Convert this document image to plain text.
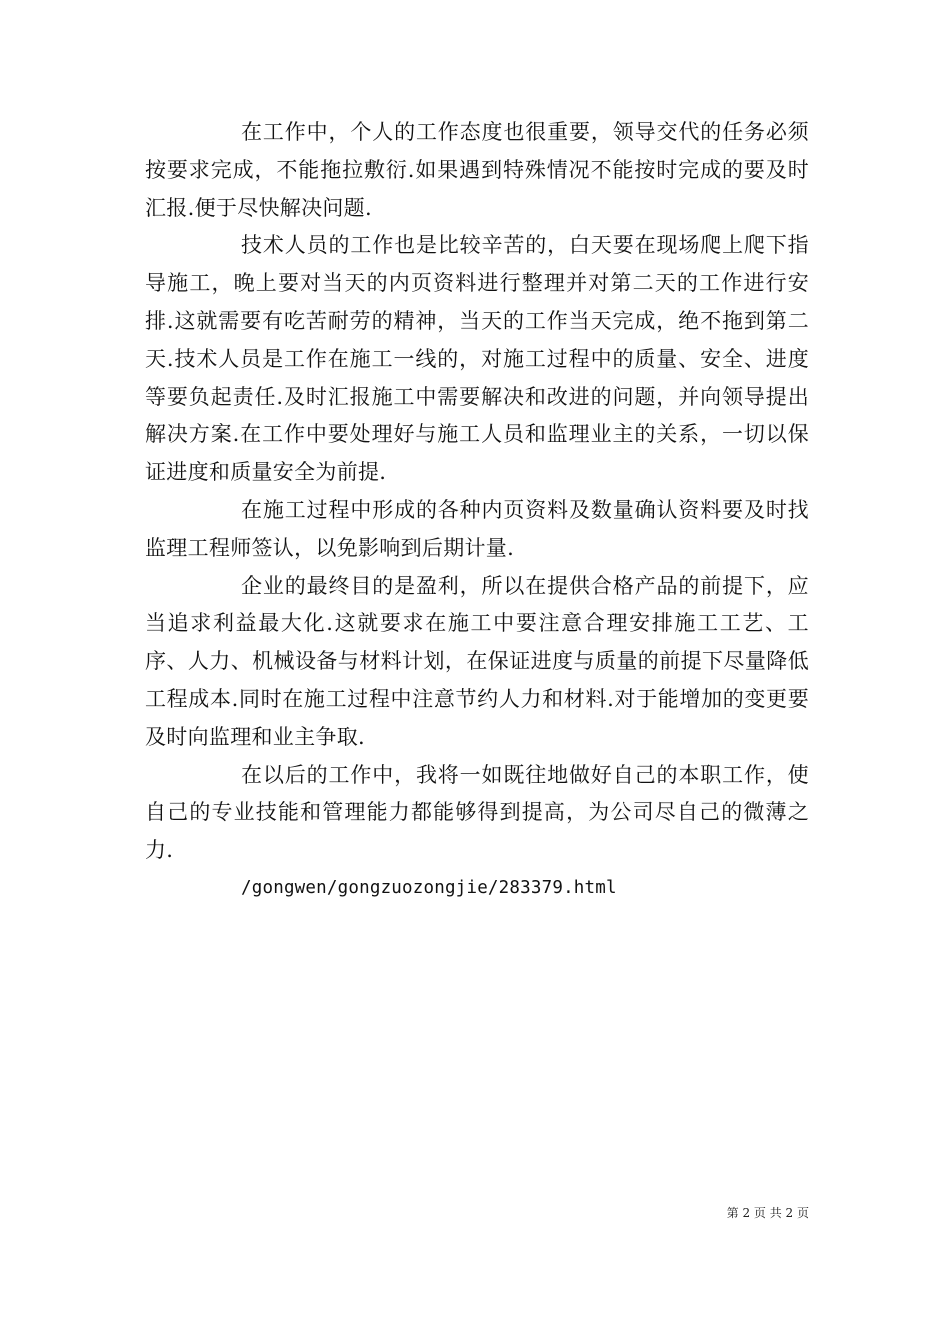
在工作中，个人的工作态度也很重要，领导交代的任务必须按要求完成，不能拖拉敷衍.如果遇到特殊情况不能按时完成的要及时汇报.便于尽快解决问题.

技术人员的工作也是比较辛苦的，白天要在现场爬上爬下指导施工，晚上要对当天的内页资料进行整理并对第二天的工作进行安排.这就需要有吃苦耐劳的精神，当天的工作当天完成，绝不拖到第二天.技术人员是工作在施工一线的，对施工过程中的质量、安全、进度等要负起责任.及时汇报施工中需要解决和改进的问题，并向领导提出解决方案.在工作中要处理好与施工人员和监理业主的关系，一切以保证进度和质量安全为前提.

在施工过程中形成的各种内页资料及数量确认资料要及时找监理工程师签认，以免影响到后期计量.

企业的最终目的是盈利，所以在提供合格产品的前提下，应当追求利益最大化.这就要求在施工中要注意合理安排施工工艺、工序、人力、机械设备与材料计划，在保证进度与质量的前提下尽量降低工程成本.同时在施工过程中注意节约人力和材料.对于能增加的变更要及时向监理和业主争取.

在以后的工作中，我将一如既往地做好自己的本职工作，使自己的专业技能和管理能力都能够得到提高，为公司尽自己的微薄之力.

/gongwen/gongzuozongjie/283379.html

第 2 页 共 2 页
